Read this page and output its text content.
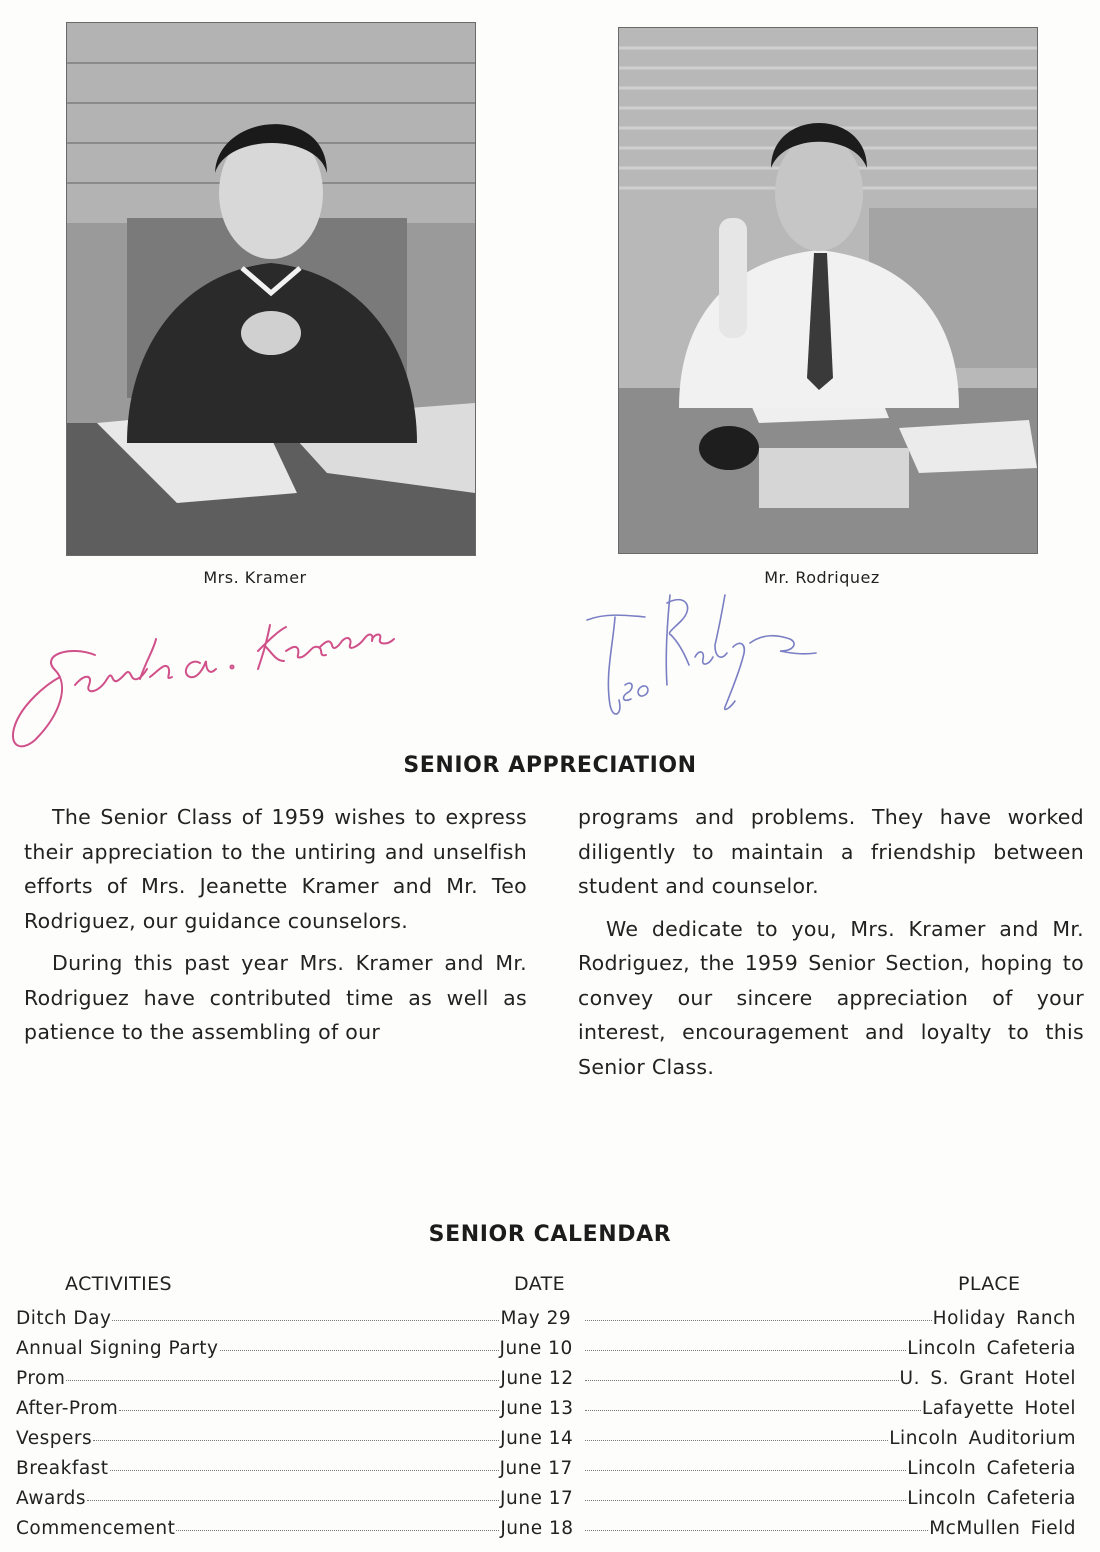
Mrs. Kramer	Mr. Rodriquez
SENIOR APPRECIATION

The Senior Class of 1959 wishes to express their appreciation to the untiring and unselfish efforts of Mrs. Jeanette Kramer and Mr. Teo Rodriguez, our guidance counselors.

During this past year Mrs. Kramer and Mr. Rodriguez have contributed time as well as patience to the assembling of our

programs and problems. They have worked diligently to maintain a friendship between student and counselor.

We dedicate to you, Mrs. Kramer and Mr. Rodriguez, the 1959 Senior Section, hoping to convey our sincere appreciation of your interest, encouragement and loyalty to this Senior Class.

SENIOR CALENDAR
ACTIVITIES	DATE	PLACE
Ditch Day	May 29	Holiday Ranch
Annual Signing Party	June 10	Lincoln Cafeteria
Prom	June 12	U. S. Grant Hotel
After-Prom	June 13	Lafayette Hotel
Vespers	June 14	Lincoln Auditorium
Breakfast	June 17	Lincoln Cafeteria
Awards	June 17	Lincoln Cafeteria
Commencement	June 18	McMullen Field
